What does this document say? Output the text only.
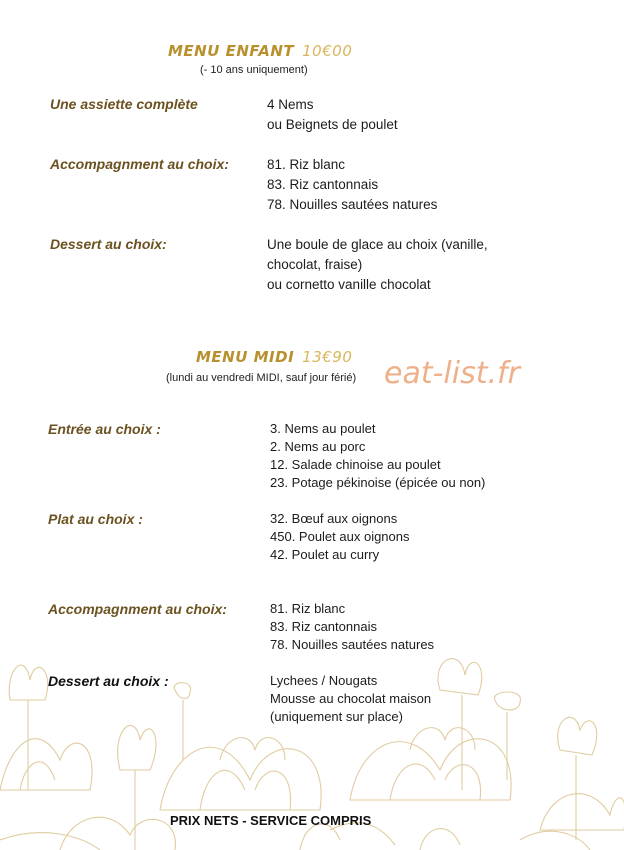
MENU ENFANT 10€00
(- 10 ans uniquement)
Une assiette complète	4 Nems
ou Beignets de poulet
Accompagnment au choix:	81. Riz blanc
83. Riz cantonnais
78. Nouilles sautées natures
Dessert au choix:	Une boule de glace au choix (vanille,
chocolat, fraise)
ou cornetto vanille chocolat
MENU MIDI 13€90
(lundi au vendredi MIDI, sauf jour férié) eat-list.fr
Entrée au choix :	3. Nems au poulet
2. Nems au porc
12. Salade chinoise au poulet
23. Potage pékinoise (épicée ou non)
Plat au choix :	32. Bœuf aux oignons
450. Poulet aux oignons
42. Poulet au curry
Accompagnment au choix:	81. Riz blanc
83. Riz cantonnais
78. Nouilles sautées natures
Dessert au choix :	Lychees / Nougats
Mousse au chocolat maison
(uniquement sur place)
PRIX NETS - SERVICE COMPRIS
